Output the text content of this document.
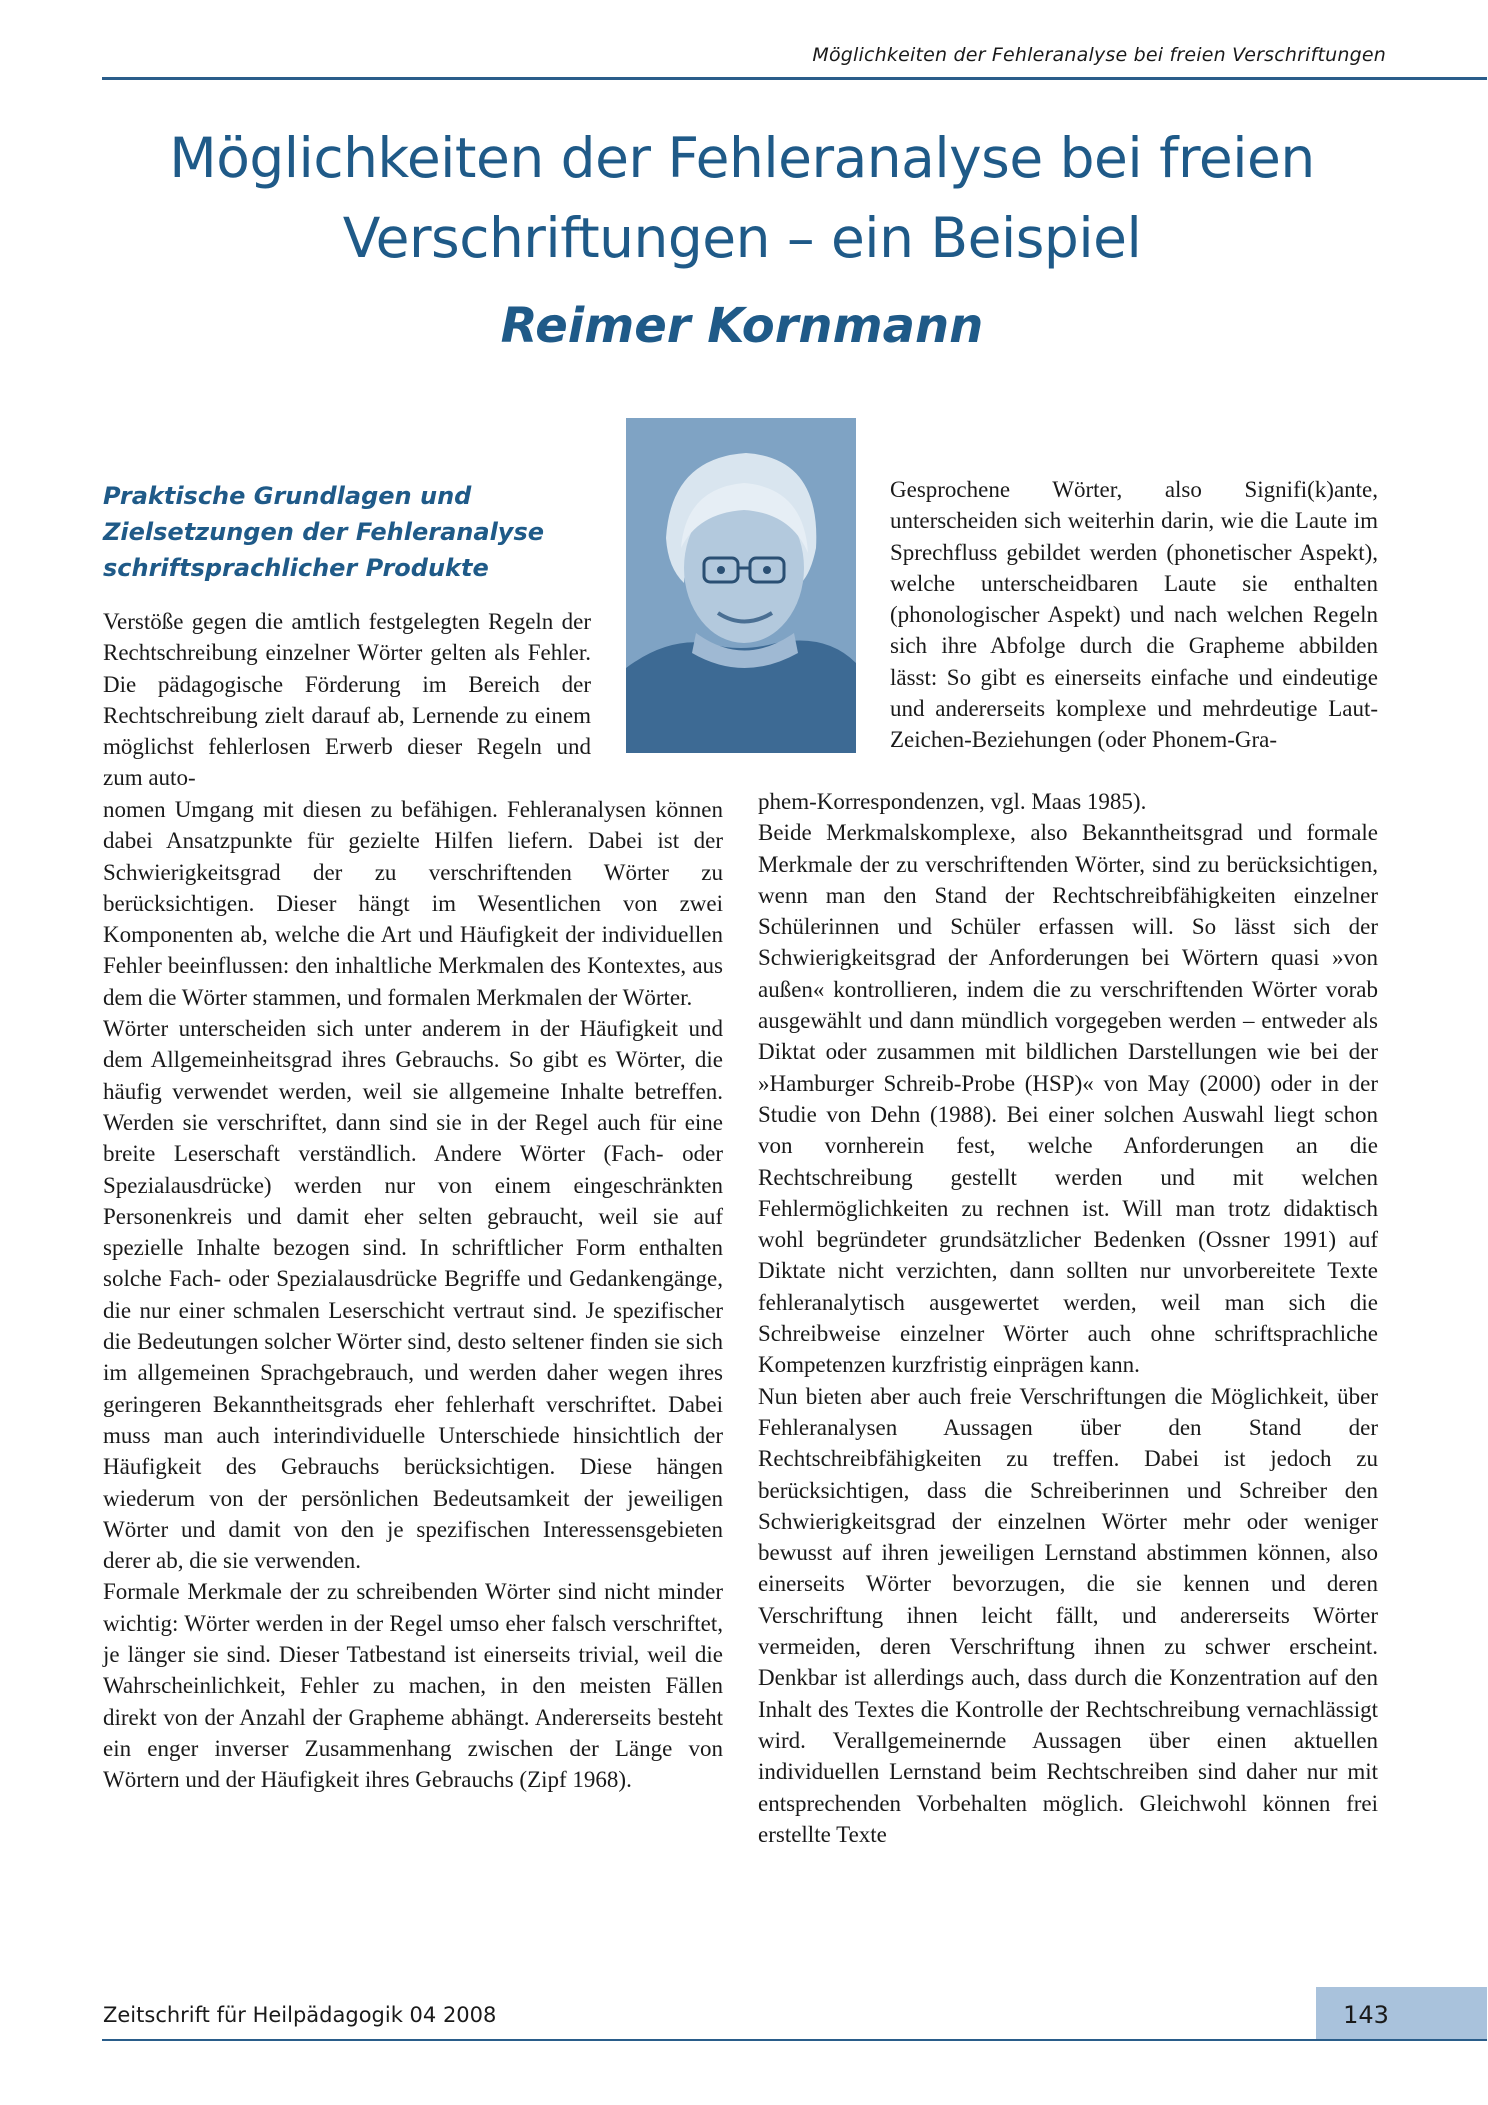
Möglichkeiten der Fehleranalyse bei freien Verschriftungen
Möglichkeiten der Fehleranalyse bei freien Verschriftungen – ein Beispiel
Reimer Kornmann
Praktische Grundlagen und Zielsetzungen der Fehleranalyse schriftsprachlicher Produkte

Verstöße gegen die amtlich festgelegten Regeln der Rechtschreibung einzelner Wörter gelten als Fehler. Die pädagogische Förderung im Bereich der Rechtschreibung zielt darauf ab, Lernende zu einem möglichst fehlerlosen Erwerb dieser Regeln und zum auto-

nomen Umgang mit diesen zu befähigen. Fehleranalysen können dabei Ansatzpunkte für gezielte Hilfen liefern. Dabei ist der Schwierigkeitsgrad der zu verschriftenden Wörter zu berücksichtigen. Dieser hängt im Wesentlichen von zwei Komponenten ab, welche die Art und Häufigkeit der individuellen Fehler beeinflussen: den inhaltliche Merkmalen des Kontextes, aus dem die Wörter stammen, und formalen Merkmalen der Wörter.

Wörter unterscheiden sich unter anderem in der Häufigkeit und dem Allgemeinheitsgrad ihres Gebrauchs. So gibt es Wörter, die häufig verwendet werden, weil sie allgemeine Inhalte betreffen. Werden sie verschriftet, dann sind sie in der Regel auch für eine breite Leserschaft verständlich. Andere Wörter (Fach- oder Spezialausdrücke) werden nur von einem eingeschränkten Personenkreis und damit eher selten gebraucht, weil sie auf spezielle Inhalte bezogen sind. In schriftlicher Form enthalten solche Fach- oder Spezialausdrücke Begriffe und Gedankengänge, die nur einer schmalen Leserschicht vertraut sind. Je spezifischer die Bedeutungen solcher Wörter sind, desto seltener finden sie sich im allgemeinen Sprachgebrauch, und werden daher wegen ihres geringeren Bekanntheitsgrads eher fehlerhaft verschriftet. Dabei muss man auch interindividuelle Unterschiede hinsichtlich der Häufigkeit des Gebrauchs berücksichtigen. Diese hängen wiederum von der persönlichen Bedeutsamkeit der jeweiligen Wörter und damit von den je spezifischen Interessensgebieten derer ab, die sie verwenden.

Formale Merkmale der zu schreibenden Wörter sind nicht minder wichtig: Wörter werden in der Regel umso eher falsch verschriftet, je länger sie sind. Dieser Tatbestand ist einerseits trivial, weil die Wahrscheinlichkeit, Fehler zu machen, in den meisten Fällen direkt von der Anzahl der Grapheme abhängt. Andererseits besteht ein enger inverser Zusammenhang zwischen der Länge von Wörtern und der Häufigkeit ihres Gebrauchs (Zipf 1968).

Gesprochene Wörter, also Signifi(k)ante, unterscheiden sich weiterhin darin, wie die Laute im Sprechfluss gebildet werden (phonetischer Aspekt), welche unterscheidbaren Laute sie enthalten (phonologischer Aspekt) und nach welchen Regeln sich ihre Abfolge durch die Grapheme abbilden lässt: So gibt es einerseits einfache und eindeutige und andererseits komplexe und mehrdeutige Laut-Zeichen-Beziehungen (oder Phonem-Gra-

phem-Korrespondenzen, vgl. Maas 1985).

Beide Merkmalskomplexe, also Bekanntheitsgrad und formale Merkmale der zu verschriftenden Wörter, sind zu berücksichtigen, wenn man den Stand der Rechtschreibfähigkeiten einzelner Schülerinnen und Schüler erfassen will. So lässt sich der Schwierigkeitsgrad der Anforderungen bei Wörtern quasi »von außen« kontrollieren, indem die zu verschriftenden Wörter vorab ausgewählt und dann mündlich vorgegeben werden – entweder als Diktat oder zusammen mit bildlichen Darstellungen wie bei der »Hamburger Schreib-Probe (HSP)« von May (2000) oder in der Studie von Dehn (1988). Bei einer solchen Auswahl liegt schon von vornherein fest, welche Anforderungen an die Rechtschreibung gestellt werden und mit welchen Fehlermöglichkeiten zu rechnen ist. Will man trotz didaktisch wohl begründeter grundsätzlicher Bedenken (Ossner 1991) auf Diktate nicht verzichten, dann sollten nur unvorbereitete Texte fehleranalytisch ausgewertet werden, weil man sich die Schreibweise einzelner Wörter auch ohne schriftsprachliche Kompetenzen kurzfristig einprägen kann.

Nun bieten aber auch freie Verschriftungen die Möglichkeit, über Fehleranalysen Aussagen über den Stand der Rechtschreibfähigkeiten zu treffen. Dabei ist jedoch zu berücksichtigen, dass die Schreiberinnen und Schreiber den Schwierigkeitsgrad der einzelnen Wörter mehr oder weniger bewusst auf ihren jeweiligen Lernstand abstimmen können, also einerseits Wörter bevorzugen, die sie kennen und deren Verschriftung ihnen leicht fällt, und andererseits Wörter vermeiden, deren Verschriftung ihnen zu schwer erscheint. Denkbar ist allerdings auch, dass durch die Konzentration auf den Inhalt des Textes die Kontrolle der Rechtschreibung vernachlässigt wird. Verallgemeinernde Aussagen über einen aktuellen individuellen Lernstand beim Rechtschreiben sind daher nur mit entsprechenden Vorbehalten möglich. Gleichwohl können frei erstellte Texte

Zeitschrift für Heilpädagogik 04 2008	143
